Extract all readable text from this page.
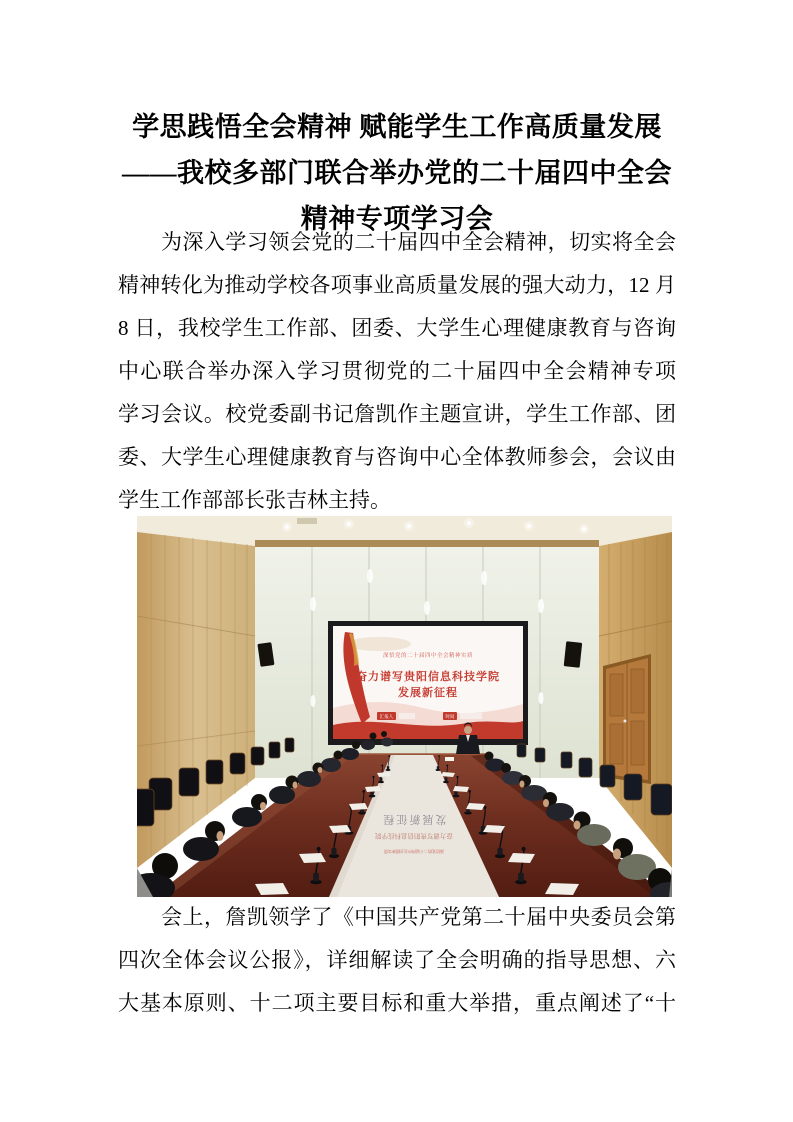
学思践悟全会精神 赋能学生工作高质量发展
——我校多部门联合举办党的二十届四中全会
精神专项学习会
为深入学习领会党的二十届四中全会精神，切实将全会
精神转化为推动学校各项事业高质量发展的强大动力，12 月
8 日，我校学生工作部、团委、大学生心理健康教育与咨询
中心联合举办深入学习贯彻党的二十届四中全会精神专项
学习会议。校党委副书记詹凯作主题宣讲，学生工作部、团
委、大学生心理健康教育与咨询中心全体教师参会，会议由
学生工作部部长张吉林主持。
深悟党的二十届四中全会精神实质
奋力谱写贵阳信息科技学院
发展新征程
汇报人	时间
发展新征程
奋力谱写贵阳信息科技学院
深悟党的二十届四中全会精神实质
会上，詹凯领学了《中国共产党第二十届中央委员会第
四次全体会议公报》，详细解读了全会明确的指导思想、六
大基本原则、十二项主要目标和重大举措，重点阐述了“十
